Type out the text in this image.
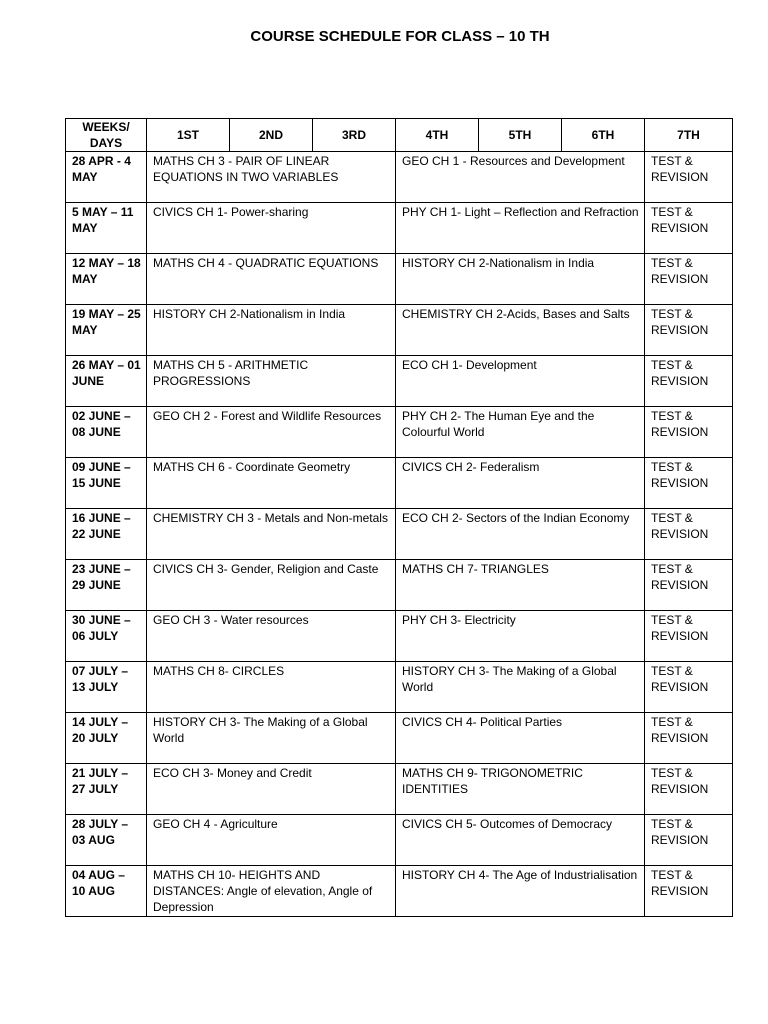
COURSE SCHEDULE FOR CLASS – 10 TH
WEEKS/ DAYS	1ST	2ND	3RD	4TH	5TH	6TH	7TH

28 APR - 4 MAY	MATHS CH 3 - PAIR OF LINEAR EQUATIONS IN TWO VARIABLES			GEO CH 1 - Resources and Development			TEST & REVISION

5 MAY – 11 MAY	CIVICS CH 1- Power-sharing			PHY CH 1- Light – Reflection and Refraction			TEST & REVISION

12 MAY – 18 MAY	MATHS CH 4 - QUADRATIC EQUATIONS			HISTORY CH 2-Nationalism in India			TEST & REVISION

19 MAY – 25 MAY	HISTORY CH 2-Nationalism in India			CHEMISTRY CH 2-Acids, Bases and Salts			TEST & REVISION

26 MAY – 01 JUNE	MATHS CH 5 - ARITHMETIC PROGRESSIONS			ECO CH 1- Development			TEST & REVISION

02 JUNE – 08 JUNE	GEO CH 2 - Forest and Wildlife Resources			PHY CH 2- The Human Eye and the Colourful World			TEST & REVISION

09 JUNE – 15 JUNE	MATHS CH 6 - Coordinate Geometry			CIVICS CH 2- Federalism			TEST & REVISION

16 JUNE – 22 JUNE	CHEMISTRY CH 3 - Metals and Non-metals			ECO CH 2- Sectors of the Indian Economy			TEST & REVISION

23 JUNE – 29 JUNE	CIVICS CH 3- Gender, Religion and Caste			MATHS CH 7- TRIANGLES			TEST & REVISION

30 JUNE – 06 JULY	GEO CH 3 - Water resources			PHY CH 3- Electricity			TEST & REVISION

07 JULY – 13 JULY	MATHS CH 8- CIRCLES			HISTORY CH 3- The Making of a Global World			TEST & REVISION

14 JULY – 20 JULY	HISTORY CH 3- The Making of a Global World			CIVICS CH 4- Political Parties			TEST & REVISION

21 JULY – 27 JULY	ECO CH 3- Money and Credit			MATHS CH 9- TRIGONOMETRIC IDENTITIES			TEST & REVISION

28 JULY – 03 AUG	GEO CH 4 - Agriculture			CIVICS CH 5- Outcomes of Democracy			TEST & REVISION

04 AUG – 10 AUG	MATHS CH 10- HEIGHTS AND DISTANCES: Angle of elevation, Angle of Depression			HISTORY CH 4- The Age of Industrialisation			TEST & REVISION
